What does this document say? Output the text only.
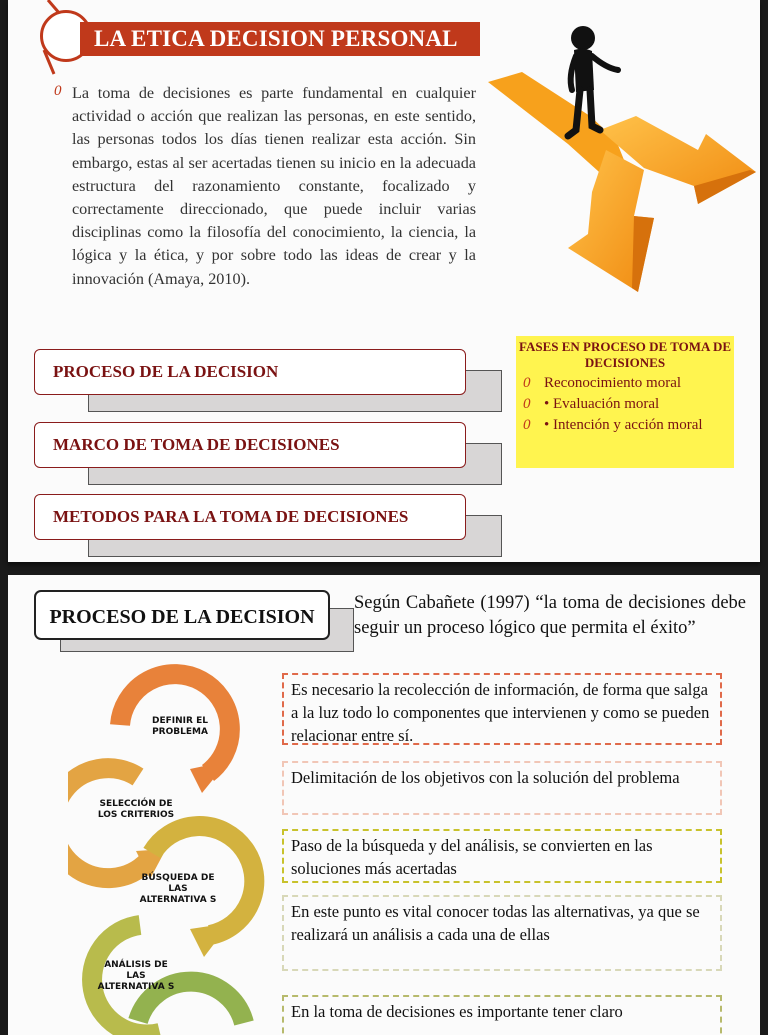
LA ETICA DECISION PERSONAL
0 La toma de decisiones es parte fundamental en cualquier actividad o acción que realizan las personas, en este sentido, las personas todos los días tienen realizar esta acción. Sin embargo, estas al ser acertadas tienen su inicio en la adecuada estructura del razonamiento constante, focalizado y correctamente direccionado, que puede incluir varias disciplinas como la filosofía del conocimiento, la ciencia, la lógica y la ética, y por sobre todo las ideas de crear y la innovación (Amaya, 2010).
PROCESO DE LA DECISION
MARCO DE TOMA DE DECISIONES
METODOS PARA LA TOMA DE DECISIONES
FASES EN PROCESO DE TOMA DE DECISIONES
0 Reconocimiento moral
0 • Evaluación moral
0 • Intención y acción moral
PROCESO DE LA DECISION
Según Cabañete (1997) “la toma de decisiones debe seguir un proceso lógico que permita el éxito”
DEFINIR EL PROBLEMA
SELECCIÓN DE LOS CRITERIOS
BÚSQUEDA DE LAS ALTERNATIVA S
ANÁLISIS DE LAS ALTERNATIVA S
Es necesario la recolección de información, de forma que salga a la luz todo lo componentes que intervienen y como se pueden relacionar entre sí.
Delimitación de los objetivos con la solución del problema
Paso de la búsqueda y del análisis, se convierten en las soluciones más acertadas
En este punto es vital conocer todas las alternativas, ya que se realizará un análisis a cada una de ellas
En la toma de decisiones es importante tener claro
